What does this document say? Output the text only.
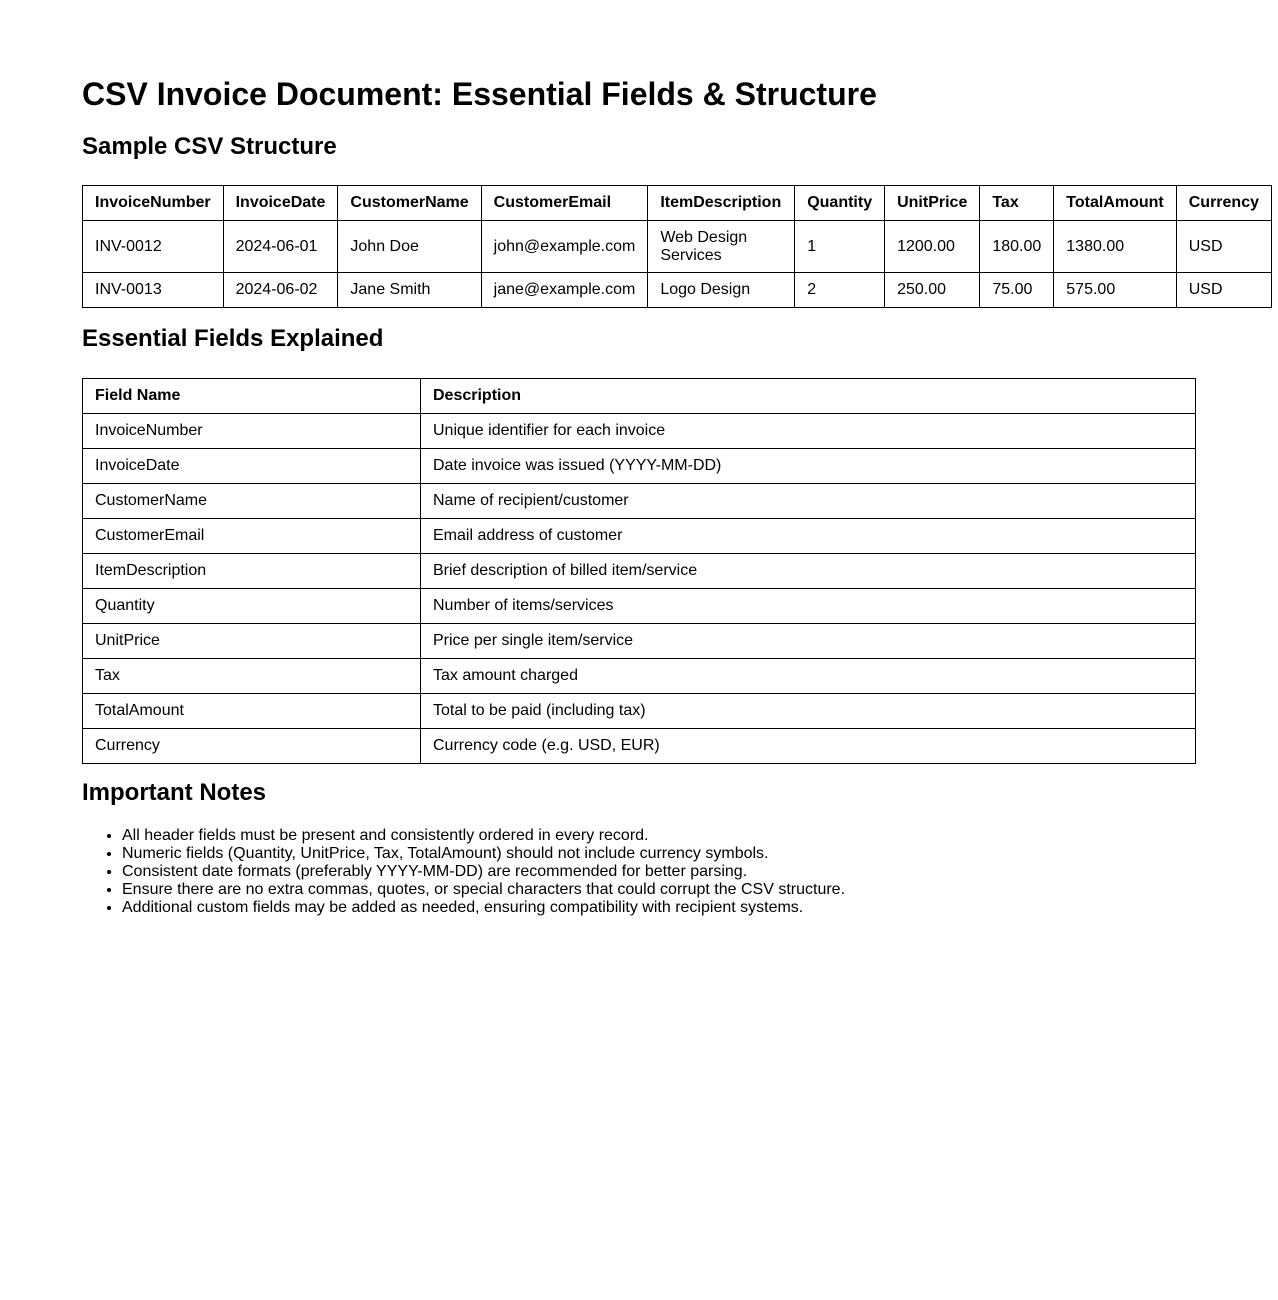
CSV Invoice Document: Essential Fields & Structure
Sample CSV Structure
InvoiceNumber	InvoiceDate	CustomerName	CustomerEmail	ItemDescription	Quantity	UnitPrice	Tax	TotalAmount	Currency
INV-0012	2024-06-01	John Doe	john@example.com	Web Design Services	1	1200.00	180.00	1380.00	USD
INV-0013	2024-06-02	Jane Smith	jane@example.com	Logo Design	2	250.00	75.00	575.00	USD
Essential Fields Explained
Field Name	Description
InvoiceNumber	Unique identifier for each invoice
InvoiceDate	Date invoice was issued (YYYY-MM-DD)
CustomerName	Name of recipient/customer
CustomerEmail	Email address of customer
ItemDescription	Brief description of billed item/service
Quantity	Number of items/services
UnitPrice	Price per single item/service
Tax	Tax amount charged
TotalAmount	Total to be paid (including tax)
Currency	Currency code (e.g. USD, EUR)
Important Notes
• All header fields must be present and consistently ordered in every record.
• Numeric fields (Quantity, UnitPrice, Tax, TotalAmount) should not include currency symbols.
• Consistent date formats (preferably YYYY-MM-DD) are recommended for better parsing.
• Ensure there are no extra commas, quotes, or special characters that could corrupt the CSV structure.
• Additional custom fields may be added as needed, ensuring compatibility with recipient systems.
